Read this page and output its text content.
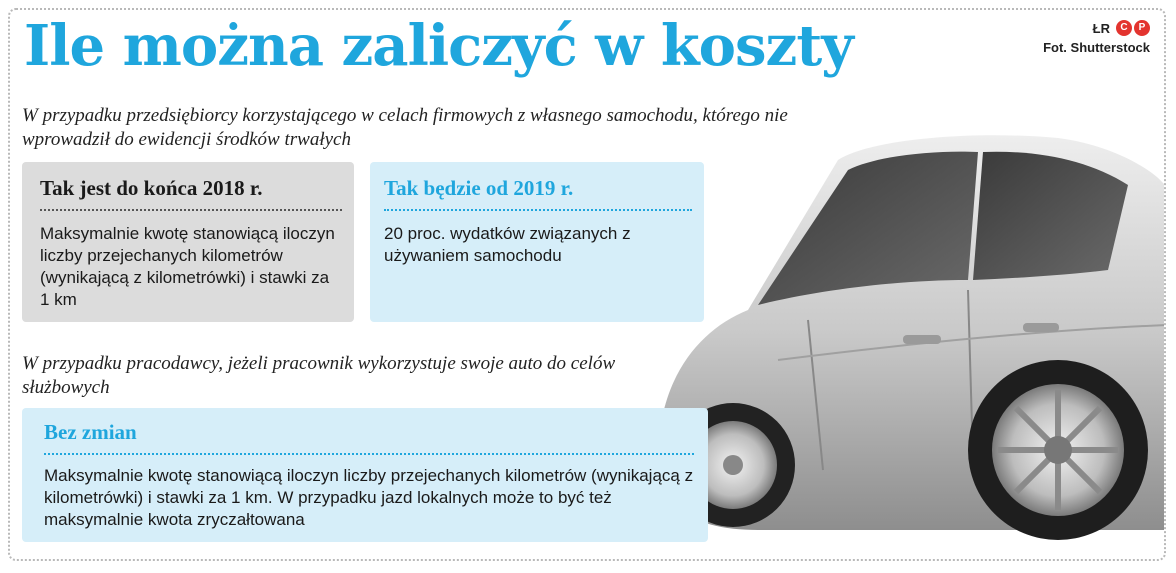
Ile można zaliczyć w koszty	ŁR	C	P
Fot. Shutterstock

W przypadku przedsiębiorcy korzystającego w celach firmowych z własnego samochodu, którego nie wprowadził do ewidencji środków trwałych

Tak jest do końca 2018 r.
Maksymalnie kwotę stanowiącą iloczyn liczby przejechanych kilometrów (wynikającą z kilometrówki) i stawki za 1 km
Tak będzie od 2019 r.
20 proc. wydatków związanych z używaniem samochodu

W przypadku pracodawcy, jeżeli pracownik wykorzystuje swoje auto do celów służbowych

Bez zmian
Maksymalnie kwotę stanowiącą iloczyn liczby przejechanych kilometrów (wynikającą z kilometrówki) i stawki za 1 km. W przypadku jazd lokalnych może to być też maksymalnie kwota zryczałtowana
